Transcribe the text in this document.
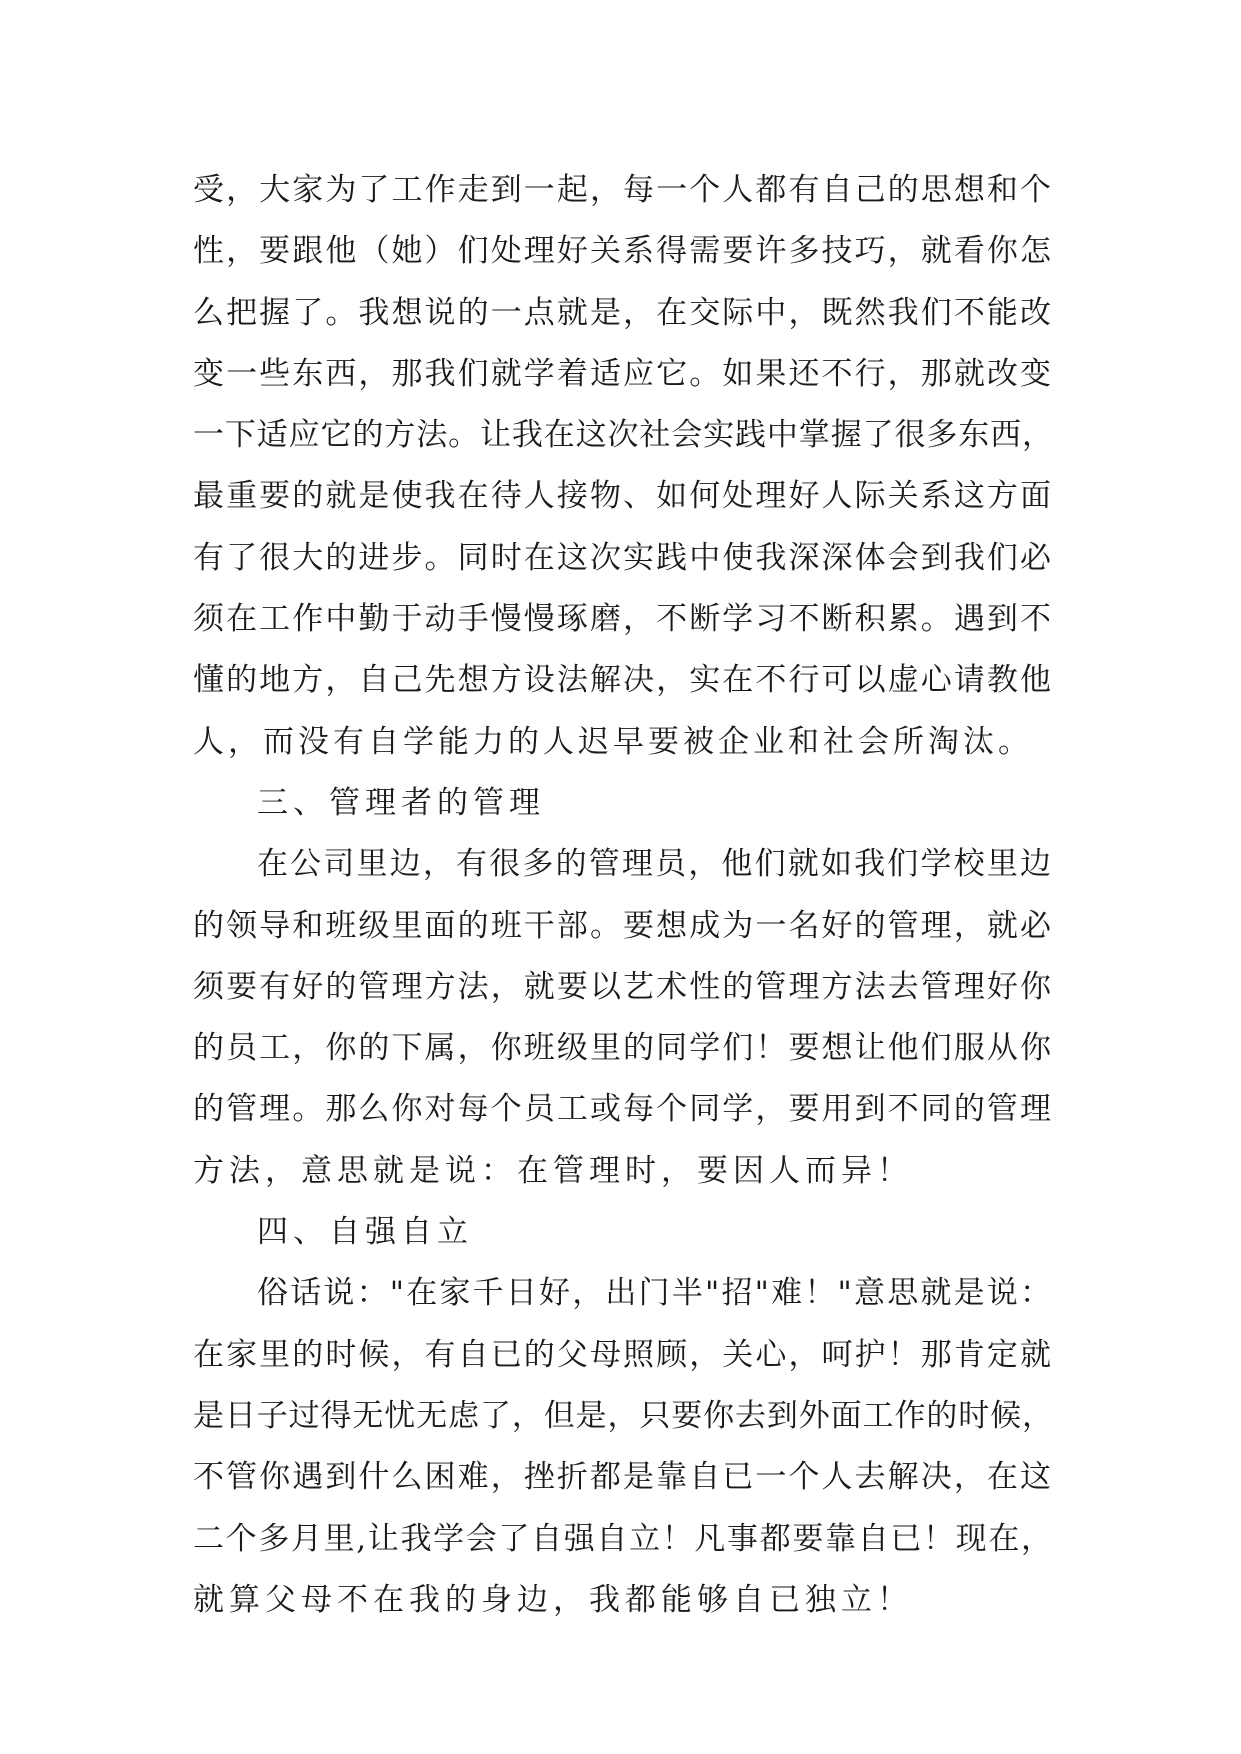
受，大家为了工作走到一起，每一个人都有自己的思想和个
性，要跟他（她）们处理好关系得需要许多技巧，就看你怎
么把握了。我想说的一点就是，在交际中，既然我们不能改
变一些东西，那我们就学着适应它。如果还不行，那就改变
一下适应它的方法。让我在这次社会实践中掌握了很多东西，
最重要的就是使我在待人接物、如何处理好人际关系这方面
有了很大的进步。同时在这次实践中使我深深体会到我们必
须在工作中勤于动手慢慢琢磨，不断学习不断积累。遇到不
懂的地方，自己先想方设法解决，实在不行可以虚心请教他
人，而没有自学能力的人迟早要被企业和社会所淘汰。
三、管理者的管理
在公司里边，有很多的管理员，他们就如我们学校里边
的领导和班级里面的班干部。要想成为一名好的管理，就必
须要有好的管理方法，就要以艺术性的管理方法去管理好你
的员工，你的下属，你班级里的同学们！要想让他们服从你
的管理。那么你对每个员工或每个同学，要用到不同的管理
方法，意思就是说：在管理时，要因人而异！
四、自强自立
俗话说："在家千日好，出门半"招"难！"意思就是说：
在家里的时候，有自已的父母照顾，关心，呵护！那肯定就
是日子过得无忧无虑了，但是，只要你去到外面工作的时候，
不管你遇到什么困难，挫折都是靠自已一个人去解决，在这
二个多月里,让我学会了自强自立！凡事都要靠自已！现在，
就算父母不在我的身边，我都能够自已独立！
